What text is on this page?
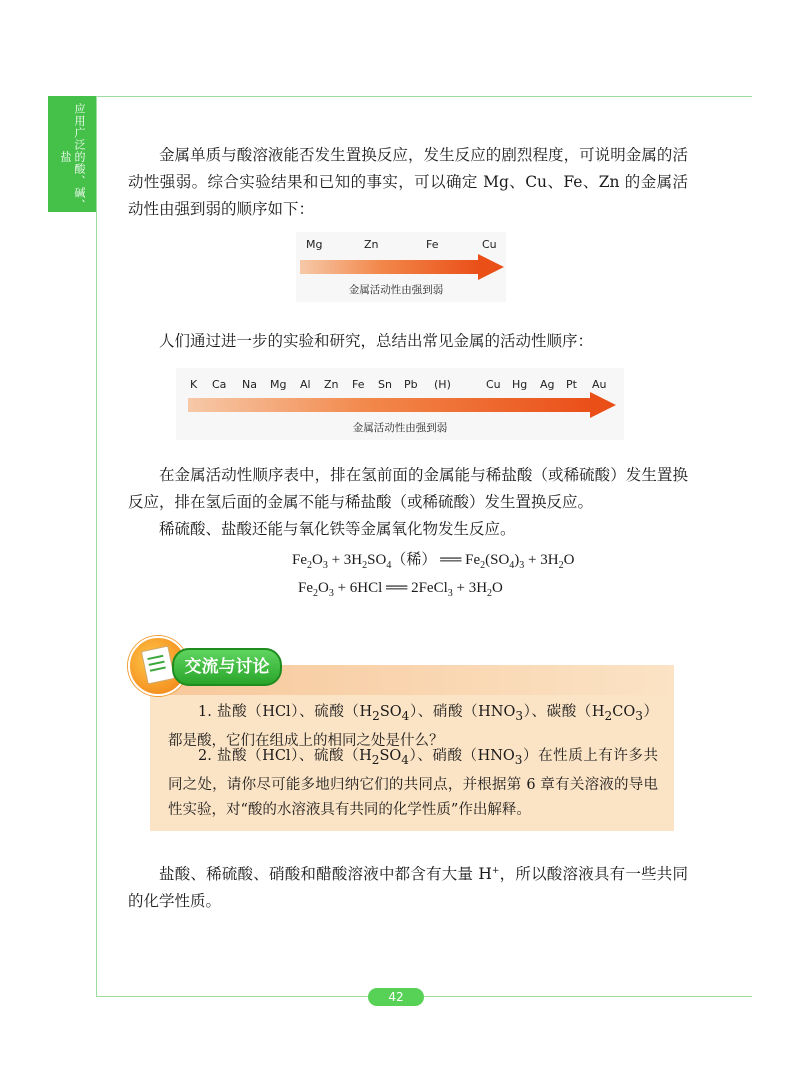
应用广泛的酸、碱、盐	金属单质与酸溶液能否发生置换反应，发生反应的剧烈程度，可说明金属的活动性强弱。综合实验结果和已知的事实，可以确定 Mg、Cu、Fe、Zn 的金属活动性由强到弱的顺序如下：

Mg	Zn	Fe	Cu
金属活动性由强到弱

人们通过进一步的实验和研究，总结出常见金属的活动性顺序：

K Ca Na Mg Al Zn Fe Sn Pb (H)	Cu Hg Ag Pt Au
金属活动性由强到弱

在金属活动性顺序表中，排在氢前面的金属能与稀盐酸（或稀硫酸）发生置换反应，排在氢后面的金属不能与稀盐酸（或稀硫酸）发生置换反应。

稀硫酸、盐酸还能与氧化铁等金属氧化物发生反应。

$Fe_2O_3 + 3H_2SO_4$（稀） ══ $Fe_2(SO_4)_3 + 3H_2O$
$Fe_2O_3 + 6HCl$ ══ 2FeCl$_3$ + $3H_2O$
交流与讨论

1. 盐酸（HCl）、硫酸$(H_2SO_4)$、硝酸$(HNO_3)$、碳酸$(H_2CO_3)$都是酸，它们在组成上的相同之处是什么？

2. 盐酸（HCl）、硫酸$(H_2SO_4)$、硝酸$(HNO_3)$在性质上有许多共同之处，请你尽可能多地归纳它们的共同点，并根据第 6 章有关溶液的导电性实验，对“酸的水溶液具有共同的化学性质”作出解释。

盐酸、稀硫酸、硝酸和醋酸溶液中都含有大量 H+，所以酸溶液具有一些共同的化学性质。

42
